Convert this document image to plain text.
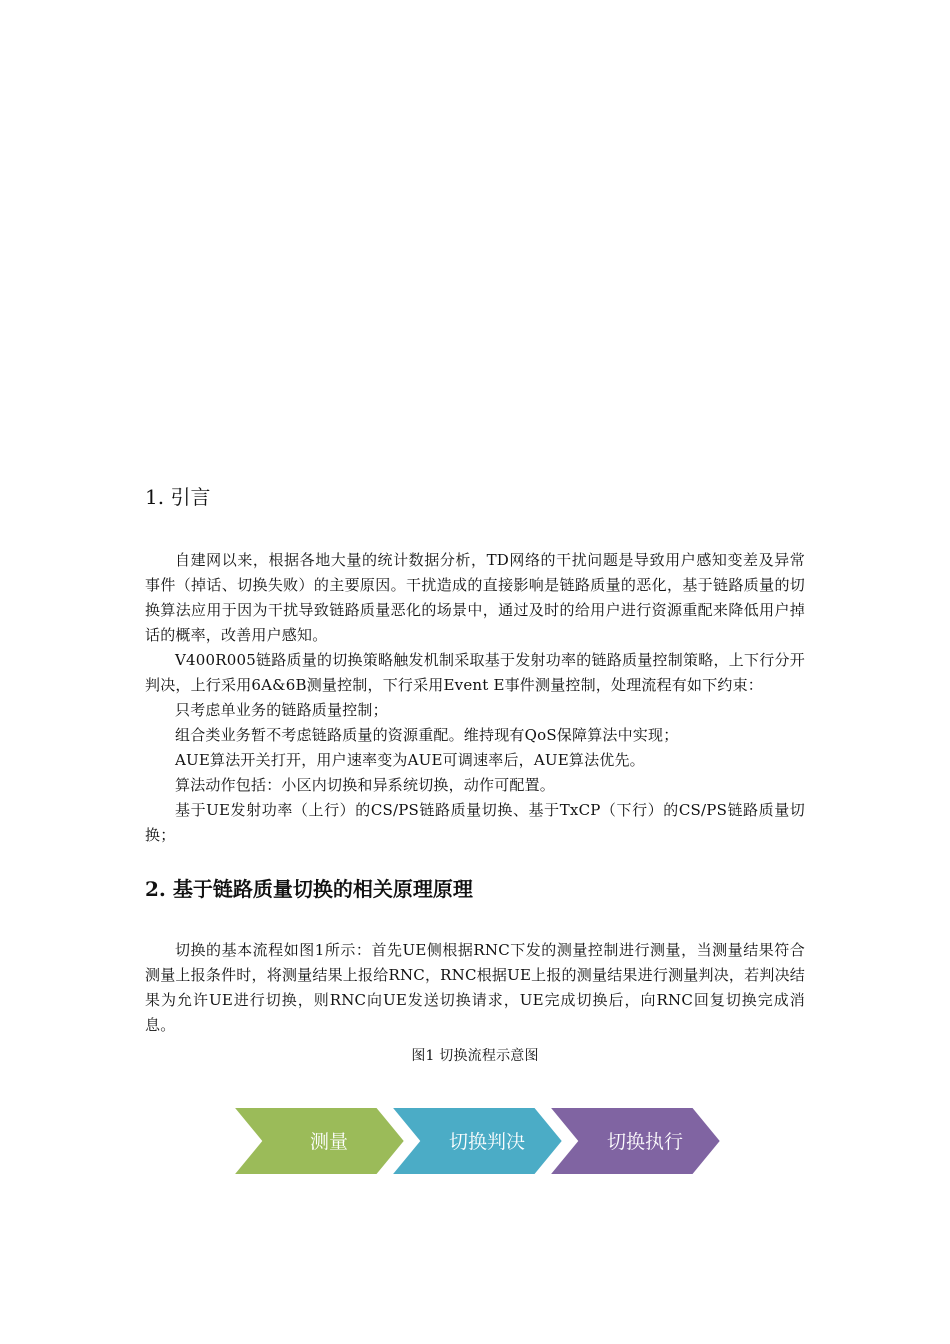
1. 引言

自建网以来，根据各地大量的统计数据分析，TD网络的干扰问题是导致用户感知变差及异常事件（掉话、切换失败）的主要原因。干扰造成的直接影响是链路质量的恶化，基于链路质量的切换算法应用于因为干扰导致链路质量恶化的场景中，通过及时的给用户进行资源重配来降低用户掉话的概率，改善用户感知。

V400R005链路质量的切换策略触发机制采取基于发射功率的链路质量控制策略，上下行分开判决，上行采用6A&6B测量控制，下行采用Event E事件测量控制，处理流程有如下约束：

只考虑单业务的链路质量控制；

组合类业务暂不考虑链路质量的资源重配。维持现有QoS保障算法中实现；

AUE算法开关打开，用户速率变为AUE可调速率后，AUE算法优先。

算法动作包括：小区内切换和异系统切换，动作可配置。

基于UE发射功率（上行）的CS/PS链路质量切换、基于TxCP（下行）的CS/PS链路质量切换；

2. 基于链路质量切换的相关原理原理

切换的基本流程如图1所示：首先UE侧根据RNC下发的测量控制进行测量，当测量结果符合测量上报条件时，将测量结果上报给RNC，RNC根据UE上报的测量结果进行测量判决，若判决结果为允许UE进行切换，则RNC向UE发送切换请求，UE完成切换后，向RNC回复切换完成消息。

图1 切换流程示意图

测量	切换判决	切换执行
